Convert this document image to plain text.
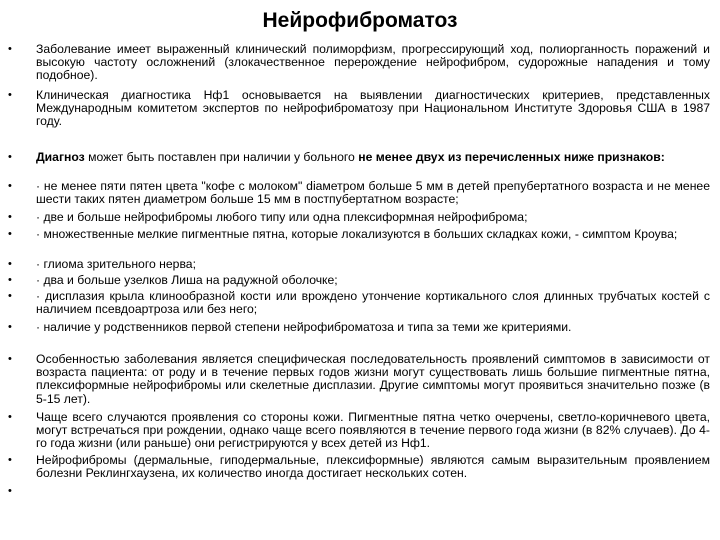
Нейрофиброматоз
•	Заболевание имеет выраженный клинический полиморфизм, прогрессирующий ход, полиорганность поражений и высокую частоту осложнений (злокачественное перерождение нейрофибром, судорожные нападения и тому подобное).
•	Клиническая диагностика Нф1 основывается на выявлении диагностических критериев, представленных Международным комитетом экспертов по нейрофиброматозу при Национальном Институте Здоровья США в 1987 году.
•	Диагноз может быть поставлен при наличии у больного не менее двух из перечисленных ниже признаков:
•	· не менее пяти пятен цвета "кофе с молоком" diаметром больше 5 мм в детей препубертатного возраста и не менее шести таких пятен диаметром больше 15 мм в постпубертатном возрасте;
•	· две и больше нейрофибромы любого типу или одна плексиформная нейрофиброма;
•	· множественные мелкие пигментные пятна, которые локализуются в больших складках кожи, - симптом Кроува;
•	· глиома зрительного нерва;
•	· два и больше узелков Лиша на радужной оболочке;
•	· дисплазия крыла клинообразной кости или врождено утончение кортикального слоя длинных трубчатых костей с наличием псевдоартроза или без него;
•	· наличие у родственников первой степени нейрофиброматоза и типа за теми же критериями.
•	Особенностью заболевания является специфическая последовательность проявлений симптомов в зависимости от возраста пациента: от роду и в течение первых годов жизни могут существовать лишь большие пигментные пятна, плексиформные нейрофибромы или скелетные дисплазии. Другие симптомы могут проявиться значительно позже (в 5-15 лет).
•	Чаще всего случаются проявления со стороны кожи. Пигментные пятна четко очерчены, светло-коричневого цвета, могут встречаться при рождении, однако чаще всего появляются в течение первого года жизни (в 82% случаев). До 4-го года жизни (или раньше) они регистрируются у всех детей из Нф1.
•	Нейрофибромы (дермальные, гиподермальные, плексиформные) являются самым выразительным проявлением болезни Реклингхаузена, их количество иногда достигает нескольких сотен.
•
